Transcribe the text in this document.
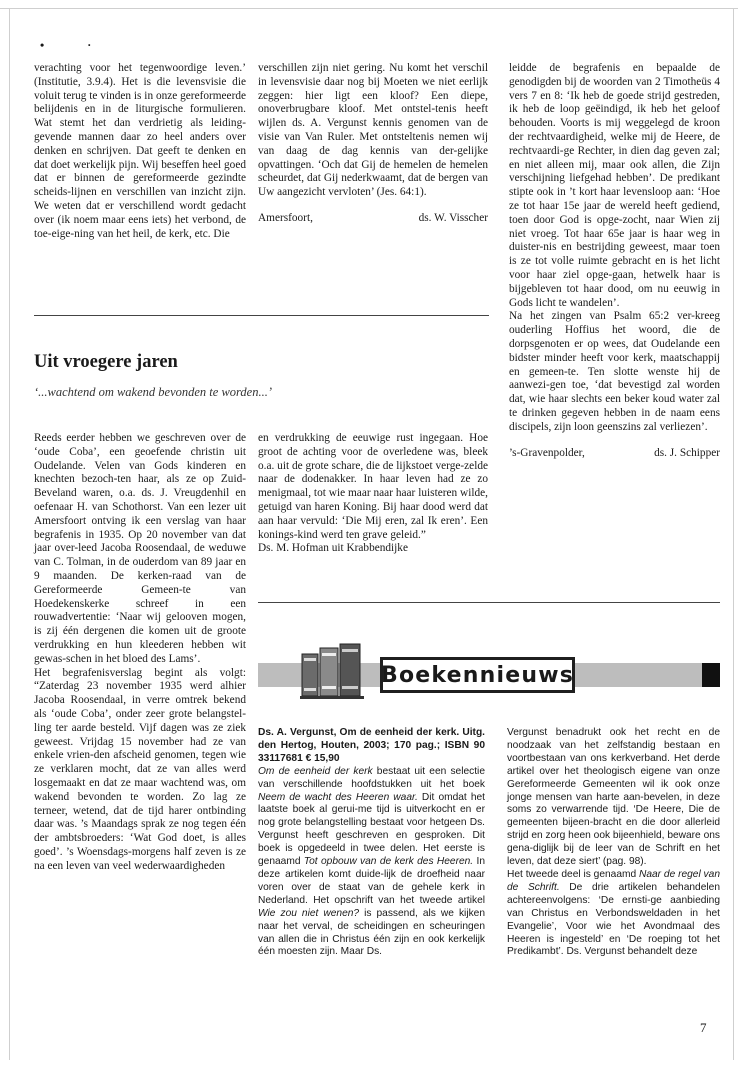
•	·

verachting voor het tegenwoordige leven.’ (Institutie, 3.9.4). Het is die levensvisie die voluit terug te vinden is in onze gereformeerde belijdenis en in de liturgische formulieren. Wat stemt het dan verdrietig als leiding-gevende mannen daar zo heel anders over denken en schrijven. Dat geeft te denken en dat doet werkelijk pijn. Wij beseffen heel goed dat er binnen de gereformeerde gezindte scheids-lijnen en verschillen van inzicht zijn. We weten dat er verschillend wordt gedacht over (ik noem maar eens iets) het verbond, de toe-eige-ning van het heil, de kerk, etc. Die

verschillen zijn niet gering. Nu komt het verschil in levensvisie daar nog bij Moeten we niet eerlijk zeggen: hier ligt een kloof? Een diepe, onoverbrugbare kloof. Met ontstel-tenis heeft wijlen ds. A. Vergunst kennis genomen van de visie van Van Ruler. Met ontsteltenis nemen wij van daag de dag kennis van der-gelijke opvattingen. ‘Och dat Gij de hemelen de hemelen scheurdet, dat Gij nederkwaamt, dat de bergen van Uw aangezicht vervloten’ (Jes. 64:1).

Amersfoort,	ds. W. Visscher

leidde de begrafenis en bepaalde de genodigden bij de woorden van 2 Timotheüs 4 vers 7 en 8: ‘Ik heb de goede strijd gestreden, ik heb de loop geëindigd, ik heb het geloof behouden. Voorts is mij weggelegd de kroon der rechtvaardigheid, welke mij de Heere, de rechtvaardi-ge Rechter, in dien dag geven zal; en niet alleen mij, maar ook allen, die Zijn verschijning liefgehad hebben’. De predikant stipte ook in ’t kort haar levensloop aan: ‘Hoe ze tot haar 15e jaar de wereld heeft gediend, toen door God is opge-zocht, naar Wien zij niet vroeg. Tot haar 65e jaar is haar weg in duister-nis en bestrijding geweest, maar toen is ze tot volle ruimte gebracht en is het licht voor haar ziel opge-gaan, hetwelk haar is bijgebleven tot haar dood, om nu eeuwig in Gods licht te wandelen’.

Na het zingen van Psalm 65:2 ver-kreeg ouderling Hoffius het woord, die de dorpsgenoten er op wees, dat Oudelande een bidster minder heeft voor kerk, maatschappij en gemeen-te. Ten slotte wenste hij de aanwezi-gen toe, ‘dat bevestigd zal worden dat, wie haar slechts een beker koud water zal te drinken gegeven hebben in de naam eens discipels, zijn loon geenszins zal verliezen’.

’s-Gravenpolder,	ds. J. Schipper
Uit vroegere jaren
‘...wachtend om wakend bevonden te worden...’

Reeds eerder hebben we geschreven over de ‘oude Coba’, een geoefende christin uit Oudelande. Velen van Gods kinderen en knechten bezoch-ten haar, als ze op Zuid-Beveland waren, o.a. ds. J. Vreugdenhil en oefenaar H. van Schothorst. Van een lezer uit Amersfoort ontving ik een verslag van haar begrafenis in 1935. Op 20 november van dat jaar over-leed Jacoba Roosendaal, de weduwe van C. Tolman, in de ouderdom van 89 jaar en 9 maanden. De kerken-raad van de Gereformeerde Gemeen-te van Hoedekenskerke schreef in een rouwadvertentie: ‘Naar wij gelooven mogen, is zij één dergenen die komen uit de groote verdrukking en hun kleederen hebben wit gewas-schen in het bloed des Lams’.

Het begrafenisverslag begint als volgt: “Zaterdag 23 november 1935 werd alhier Jacoba Roosendaal, in verre omtrek bekend als ‘oude Coba’, onder zeer grote belangstel-ling ter aarde besteld. Vijf dagen was ze ziek geweest. Vrijdag 15 november had ze van enkele vrien-den afscheid genomen, tegen wie ze verklaren mocht, dat ze van alles werd losgemaakt en dat ze maar wachtend was, om wakend bevonden te worden. Zo lag ze terneer, wetend, dat de tijd harer ontbinding daar was. ’s Maandags sprak ze nog tegen één der ambtsbroeders: ‘Wat God doet, is alles goed’. ’s Woensdags-morgens half zeven is ze na een leven van veel wederwaardigheden

en verdrukking de eeuwige rust ingegaan. Hoe groot de achting voor de overledene was, bleek o.a. uit de grote schare, die de lijkstoet verge-zelde naar de dodenakker. In haar leven had ze zo menigmaal, tot wie maar naar haar luisteren wilde, getuigd van haren Koning. Bij haar dood werd dat aan haar vervuld: ‘Die Mij eren, zal Ik eren’. Een konings-kind werd ten grave geleid.”

Ds. M. Hofman uit Krabbendijke
Boekennieuws

Ds. A. Vergunst, Om de eenheid der kerk. Uitg. den Hertog, Houten, 2003; 170 pag.; ISBN 90 33117681 € 15,90

Om de eenheid der kerk bestaat uit een selectie van verschillende hoofdstukken uit het boek Neem de wacht des Heeren waar. Dit omdat het laatste boek al gerui-me tijd is uitverkocht en er nog grote belangstelling bestaat voor hetgeen Ds. Vergunst heeft geschreven en gesproken. Dit boek is opgedeeld in twee delen. Het eerste is genaamd Tot opbouw van de kerk des Heeren. In deze artikelen komt duide-lijk de droefheid naar voren over de staat van de gehele kerk in Nederland. Het opschrift van het tweede artikel Wie zou niet wenen? is passend, als we kijken naar het verval, de scheidingen en scheuringen van allen die in Christus één zijn en ook kerkelijk één moesten zijn. Maar Ds.

Vergunst benadrukt ook het recht en de noodzaak van het zelfstandig bestaan en voortbestaan van ons kerkverband. Het derde artikel over het theologisch eigene van onze Gereformeerde Gemeenten wil ik ook onze jonge mensen van harte aan-bevelen, in deze soms zo verwarrende tijd. ‘De Heere, Die de gemeenten bijeen-bracht en die door allerleid strijd en zorg heen ook bijeenhield, beware ons gena-diglijk bij de leer van de Schrift en het leven, dat deze siert’ (pag. 98).

Het tweede deel is genaamd Naar de regel van de Schrift. De drie artikelen behandelen achtereenvolgens: ‘De ernsti-ge aanbieding van Christus en Verbondsweldaden in het Evangelie’, Voor wie het Avondmaal des Heeren is ingesteld’ en ‘De roeping tot het Predikambt’. Ds. Vergunst behandelt deze

7
